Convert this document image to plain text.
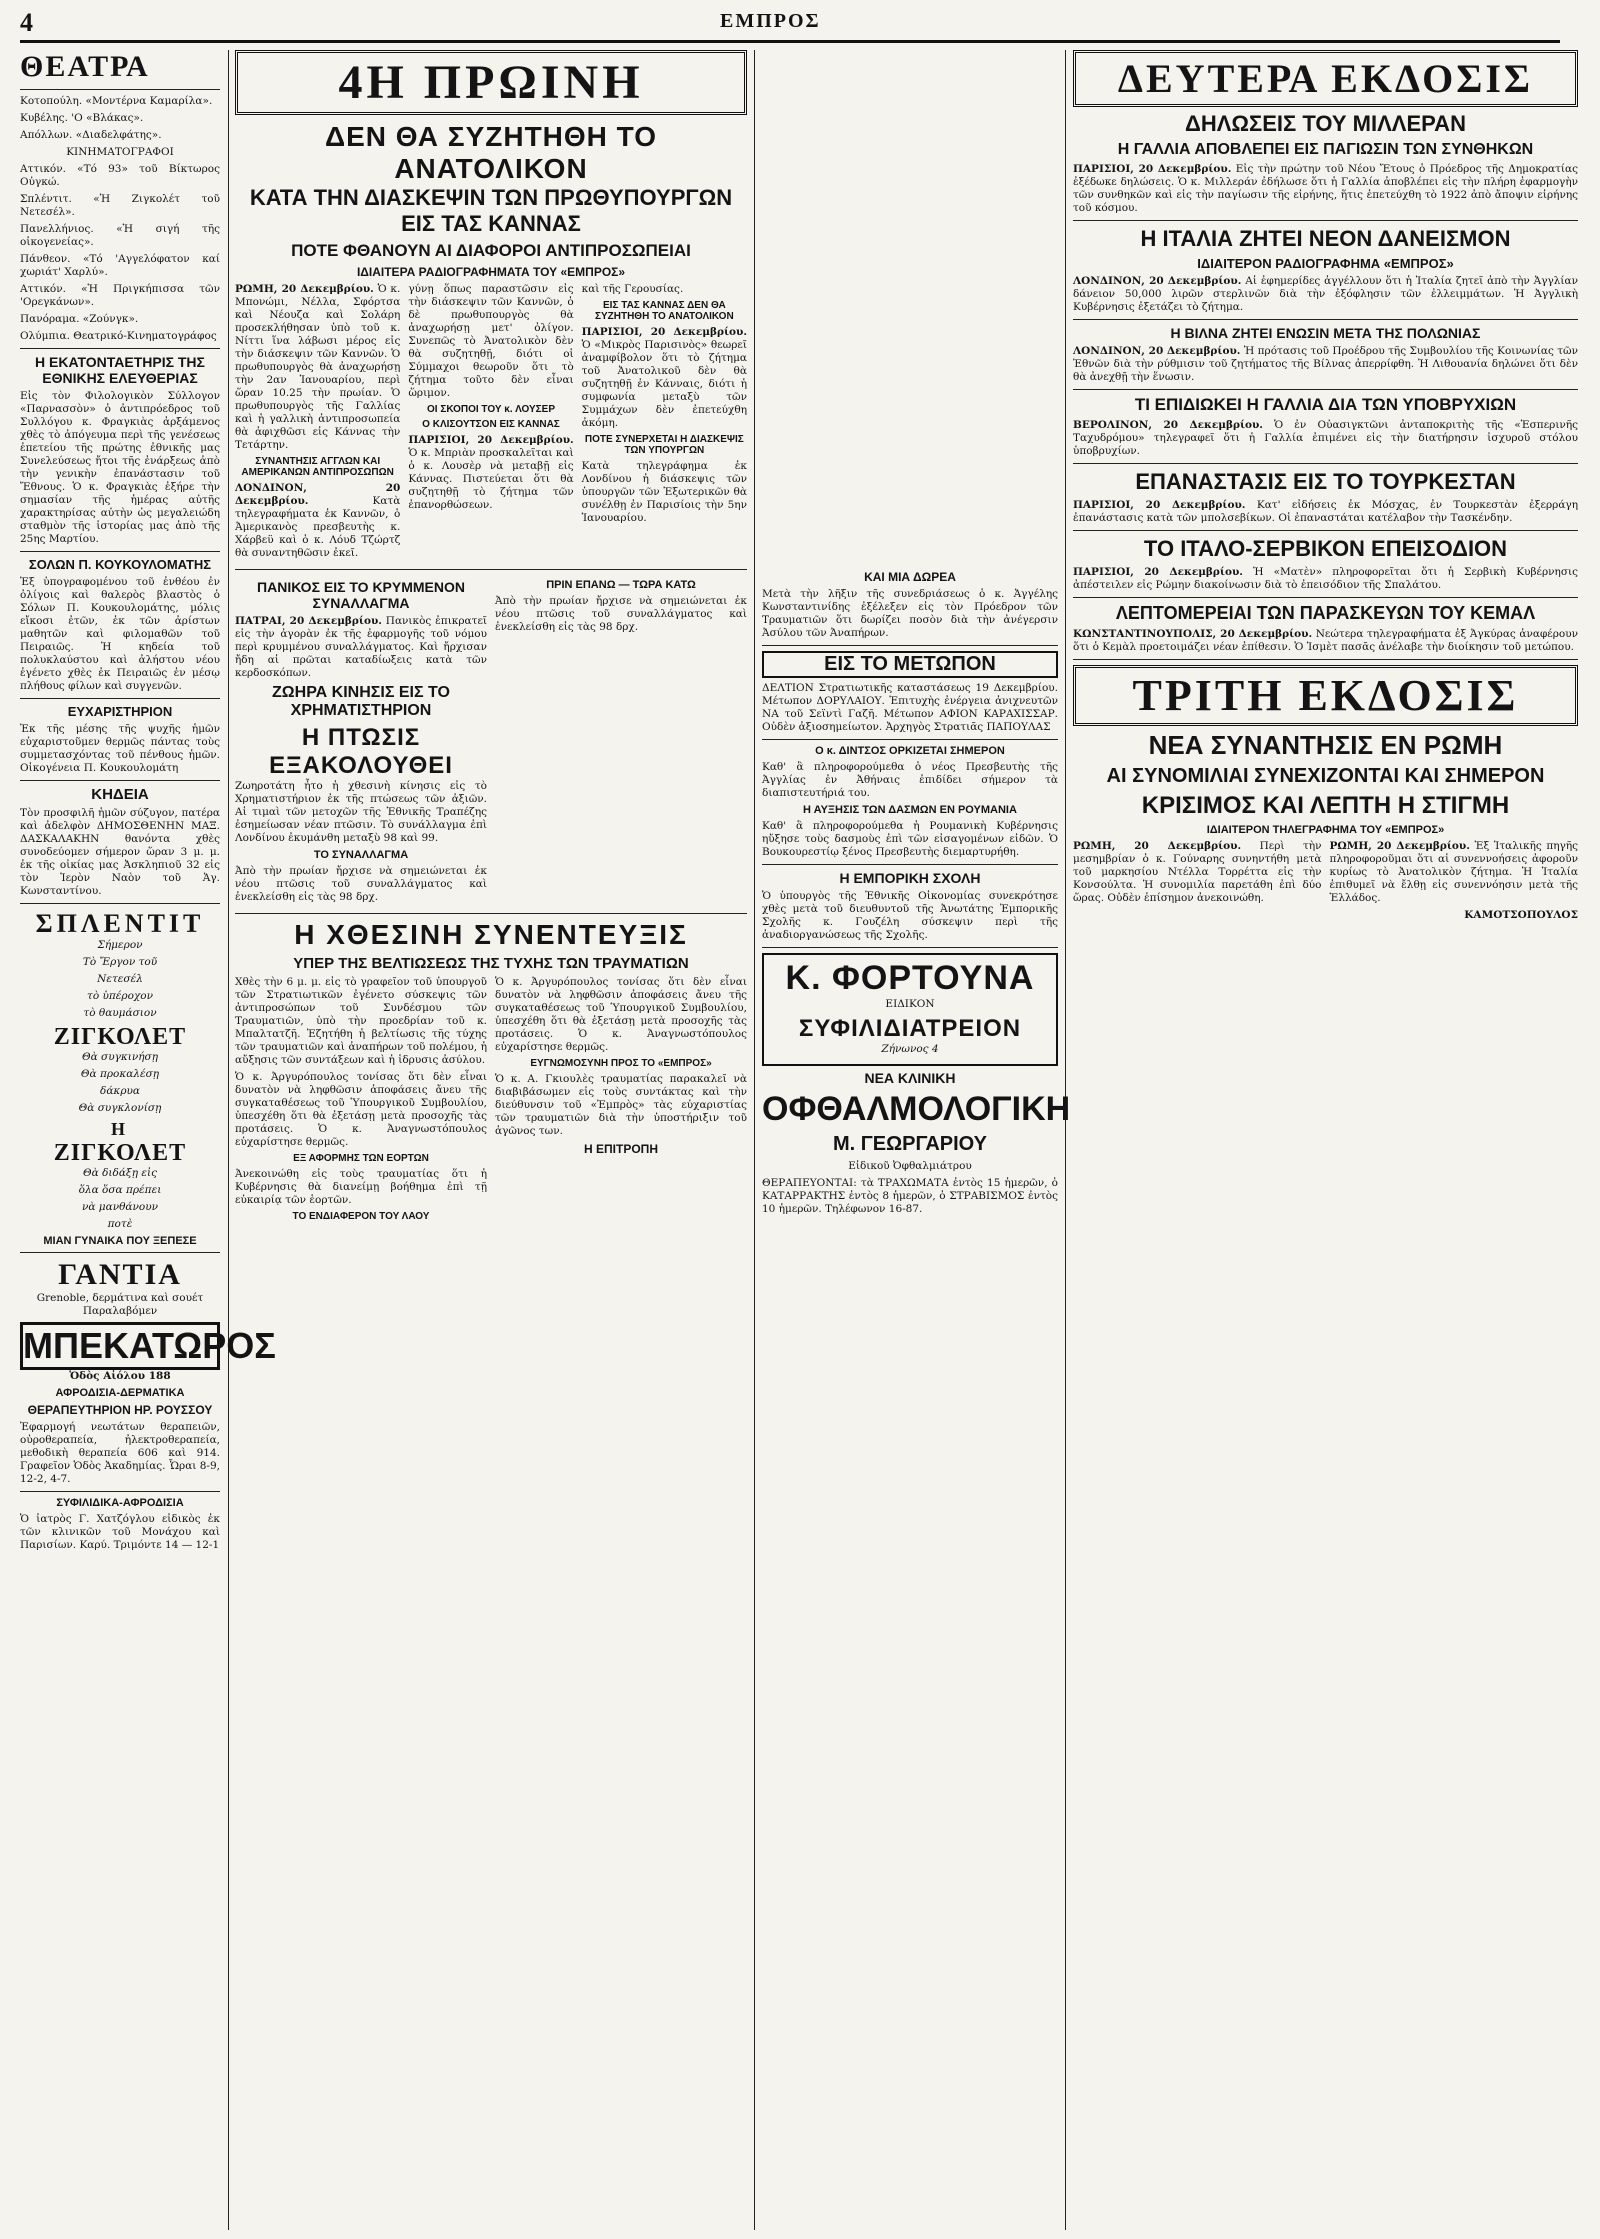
4	ΕΜΠΡΟΣ
ΘΕΑΤΡΑ
Κοτοπούλη. «Μοντέρνα Καμαρίλα».
Κυβέλης. 'Ο «Βλάκας».
Απόλλων. «Διαδελφάτης».
ΚΙΝΗΜΑΤΟΓΡΑΦΟΙ
Αττικόν. «Τό 93» τοῦ Βίκτωρος Οὐγκώ.
Σπλέντιτ. «Ἡ Ζιγκολέτ τοῦ Νετεσέλ».
Πανελλήνιος. «Ἡ σιγή τῆς οἰκογενείας».
Πάνθεον. «Τό 'Αγγελόφατον καί χωριάτ' Χαρλύ».
Αττικόν. «Ἡ Πριγκήπισσα τῶν 'Ορεγκάνων».
Πανόραμα. «Ζούνγκ».
Ολύμπια. Θεατρικό-Κινηματογράφος
Η ΕΚΑΤΟΝΤΑΕΤΗΡΙΣ ΤΗΣ ΕΘΝΙΚΗΣ ΕΛΕΥΘΕΡΙΑΣ
Εἰς τὸν Φιλολογικὸν Σύλλογον «Παρνασσὸν» ὁ ἀντιπρόεδρος τοῦ Συλλόγου κ. Φραγκιὰς ἀρξάμενος χθὲς τὸ ἀπόγευμα περὶ τῆς γενέσεως ἐπετείου τῆς πρώτης ἐθνικῆς μας Συνελεύσεως ἤτοι τῆς ἐνάρξεως ἀπὸ τὴν γενικὴν ἐπανάστασιν τοῦ Ἔθνους. Ὁ κ. Φραγκιὰς ἐξήρε τὴν σημασίαν τῆς ἡμέρας αὐτῆς χαρακτηρίσας αὐτὴν ὡς μεγαλειώδη σταθμὸν τῆς ἱστορίας μας ἀπὸ τῆς 25ης Μαρτίου.
ΣΟΛΩΝ Π. ΚΟΥΚΟΥΛΟΜΑΤΗΣ
Ἐξ ὑπογραφομένου τοῦ ἐνθέου ἐν ὀλίγοις καὶ θαλερὸς βλαστὸς ὁ Σόλων Π. Κουκουλομάτης, μόλις εἴκοσι ἐτῶν, ἐκ τῶν ἀρίστων μαθητῶν καὶ φιλομαθῶν τοῦ Πειραιῶς. Ἡ κηδεία τοῦ πολυκλαύστου καὶ ἀλήστου νέου ἐγένετο χθὲς ἐκ Πειραιῶς ἐν μέσῳ πλήθους φίλων καὶ συγγενῶν.
ΕΥΧΑΡΙΣΤΗΡΙΟΝ
Ἐκ τῆς μέσης τῆς ψυχῆς ἡμῶν εὐχαριστοῦμεν θερμῶς πάντας τοὺς συμμετασχόντας τοῦ πένθους ἡμῶν. Οἰκογένεια Π. Κουκουλομάτη
ΚΗΔΕΙΑ
Τὸν προσφιλῆ ἡμῶν σύζυγον, πατέρα καὶ ἀδελφὸν ΔΗΜΟΣΘΕΝΗΝ ΜΑΞ. ΔΑΣΚΑΛΑΚΗΝ θανόντα χθὲς συνοδεύομεν σήμερον ὥραν 3 μ. μ. ἐκ τῆς οἰκίας μας Ἀσκληπιοῦ 32 εἰς τὸν Ἱερὸν Ναὸν τοῦ Ἁγ. Κωνσταντίνου.
ΣΠΛΕΝΤΙΤ
Σήμερον
Τὸ Ἔργον τοῦ
Νετεσέλ
τὸ ὑπέροχον
τὸ θαυμάσιον
ΖΙΓΚΟΛΕΤ
Θὰ συγκινήσῃ
Θὰ προκαλέσῃ
δάκρυα
Θὰ συγκλονίσῃ
Η
ΖΙΓΚΟΛΕΤ
Θὰ διδάξῃ εἰς
ὅλα ὅσα πρέπει
νὰ μανθάνουν
ποτὲ
ΜΙΑΝ ΓΥΝΑΙΚΑ ΠΟΥ ΞΕΠΕΣΕ
ΓΑΝΤΙΑ
Grenoble, δερμάτινα καὶ σουέτ Παραλαβόμεν
ΜΠΕΚΑΤΩΡΟΣ
Ὁδὸς Αἰόλου 188
ΑΦΡΟΔΙΣΙΑ-ΔΕΡΜΑΤΙΚΑ
ΘΕΡΑΠΕΥΤΗΡΙΟΝ ΗΡ. ΡΟΥΣΣΟΥ
Ἐφαρμογή νεωτάτων θεραπειῶν, οὐροθεραπεία, ἠλεκτροθεραπεία, μεθοδικὴ θεραπεία 606 καὶ 914. Γραφεῖον Ὁδὸς Ἀκαδημίας. Ὧραι 8-9, 12-2, 4-7.
ΣΥΦΙΛΙΔΙΚΑ-ΑΦΡΟΔΙΣΙΑ
Ὁ ἰατρὸς Γ. Χατζόγλου εἰδικὸς ἐκ τῶν κλινικῶν τοῦ Μονάχου καὶ Παρισίων. Καρύ. Τριμόντε 14 — 12-1
4Η ΠΡΩΙΝΗ
ΔΕΝ ΘΑ ΣΥΖΗΤΗΘΗ ΤΟ ΑΝΑΤΟΛΙΚΟΝ
ΚΑΤΑ ΤΗΝ ΔΙΑΣΚΕΨΙΝ ΤΩΝ ΠΡΩΘΥΠΟΥΡΓΩΝ ΕΙΣ ΤΑΣ ΚΑΝΝΑΣ
ΠΟΤΕ ΦΘΑΝΟΥΝ ΑΙ ΔΙΑΦΟΡΟΙ ΑΝΤΙΠΡΟΣΩΠΕΙΑΙ
ΙΔΙΑΙΤΕΡΑ ΡΑΔΙΟΓΡΑΦΗΜΑΤΑ ΤΟΥ «ΕΜΠΡΟΣ»
ΡΩΜΗ, 20 Δεκεμβρίου. Ὁ κ. Μπονώμι, Νέλλα, Σφόρτσα καὶ Νέουζα καὶ Σολάρη προσεκλήθησαν ὑπὸ τοῦ κ. Νίττι ἵνα λάβωσι μέρος εἰς τὴν διάσκεψιν τῶν Καννῶν. Ὁ πρωθυπουργὸς θὰ ἀναχωρήσῃ τὴν 2αν Ἰανουαρίου, περὶ ὥραν 10.25 τὴν πρωίαν. Ὁ πρωθυπουργὸς τῆς Γαλλίας καὶ ἡ γαλλικὴ ἀντιπροσωπεία θὰ ἀφιχθῶσι εἰς Κάννας τὴν Τετάρτην.
ΣΥΝΑΝΤΗΣΙΣ ΑΓΓΛΩΝ ΚΑΙ ΑΜΕΡΙΚΑΝΩΝ ΑΝΤΙΠΡΟΣΩΠΩΝ
ΛΟΝΔΙΝΟΝ, 20 Δεκεμβρίου.	Κατὰ τηλεγραφήματα ἐκ Καννῶν, ὁ Ἀμερικανὸς πρεσβευτὴς κ. Χάρβεϋ καὶ ὁ κ. Λόυδ Τζώρτζ θὰ συναντηθῶσιν ἐκεῖ.
γύνῃ ὅπως παραστῶσιν εἰς τὴν διάσκεψιν τῶν Καννῶν, ὁ δὲ πρωθυπουργὸς θὰ ἀναχωρήσῃ μετ' ὀλίγον. Συνεπῶς τὸ Ἀνατολικὸν δὲν θὰ συζητηθῇ, διότι οἱ Σύμμαχοι θεωροῦν ὅτι τὸ ζήτημα τοῦτο δὲν εἶναι ὥριμον.
ΟΙ ΣΚΟΠΟΙ ΤΟΥ κ. ΛΟΥΣΕΡ
Ο ΚΛΙΣΟΥΤΣΟΝ ΕΙΣ ΚΑΝΝΑΣ
ΠΑΡΙΣΙΟΙ, 20 Δεκεμβρίου. Ὁ κ. Μπριὰν προσκαλεῖται καὶ ὁ κ. Λουσὲρ νὰ μεταβῇ εἰς Κάννας. Πιστεύεται ὅτι θὰ συζητηθῇ τὸ ζήτημα τῶν ἐπανορθώσεων.
καὶ τῆς Γερουσίας.
ΕΙΣ ΤΑΣ ΚΑΝΝΑΣ ΔΕΝ ΘΑ ΣΥΖΗΤΗΘΗ ΤΟ ΑΝΑΤΟΛΙΚΟΝ
ΠΑΡΙΣΙΟΙ, 20 Δεκεμβρίου. Ὁ «Μικρὸς Παρισινὸς» θεωρεῖ ἀναμφίβολον ὅτι τὸ ζήτημα τοῦ Ἀνατολικοῦ δὲν θὰ συζητηθῇ ἐν Κάνναις, διότι ἡ συμφωνία μεταξὺ τῶν Συμμάχων δὲν ἐπετεύχθη ἀκόμη.
ΠΟΤΕ ΣΥΝΕΡΧΕΤΑΙ Η ΔΙΑΣΚΕΨΙΣ ΤΩΝ ΥΠΟΥΡΓΩΝ
Κατὰ τηλεγράφημα ἐκ Λονδίνου ἡ διάσκεψις τῶν ὑπουργῶν τῶν Ἐξωτερικῶν θὰ συνέλθῃ ἐν Παρισίοις τὴν 5ην Ἰανουαρίου.
ΠΑΝΙΚΟΣ ΕΙΣ ΤΟ ΚΡΥΜΜΕΝΟΝ ΣΥΝΑΛΛΑΓΜΑ
ΠΑΤΡΑΙ, 20 Δεκεμβρίου. Πανικὸς ἐπικρατεῖ εἰς τὴν ἀγορὰν ἐκ τῆς ἐφαρμογῆς τοῦ νόμου περὶ κρυμμένου συναλλάγματος. Καὶ ἤρχισαν ἤδη αἱ πρῶται καταδίωξεις κατὰ τῶν κερδοσκόπων.
ΖΩΗΡΑ ΚΙΝΗΣΙΣ ΕΙΣ ΤΟ ΧΡΗΜΑΤΙΣΤΗΡΙΟΝ
Η ΠΤΩΣΙΣ ΕΞΑΚΟΛΟΥΘΕΙ
Ζωηροτάτη ἦτο ἡ χθεσινὴ κίνησις εἰς τὸ Χρηματιστήριον ἐκ τῆς πτώσεως τῶν ἀξιῶν. Αἱ τιμαὶ τῶν μετοχῶν τῆς Ἐθνικῆς Τραπέζης ἐσημείωσαν νέαν πτῶσιν. Τὸ συνάλλαγμα ἐπὶ Λονδίνου ἐκυμάνθη μεταξὺ 98 καὶ 99.
ΤΟ ΣΥΝΑΛΛΑΓΜΑ
Ἀπὸ τὴν πρωίαν ἤρχισε νὰ σημειώνεται ἐκ νέου πτῶσις τοῦ συναλλάγματος καὶ ἐνεκλείσθη εἰς τὰς 98 δρχ.
ΠΡΙΝ ΕΠΑΝΩ — ΤΩΡΑ ΚΑΤΩ
Ἀπὸ τὴν πρωίαν ἤρχισε νὰ σημειώνεται ἐκ νέου πτῶσις τοῦ συναλλάγματος καὶ ἐνεκλείσθη εἰς τὰς 98 δρχ.
Η ΧΘΕΣΙΝΗ ΣΥΝΕΝΤΕΥΞΙΣ
ΥΠΕΡ ΤΗΣ ΒΕΛΤΙΩΣΕΩΣ ΤΗΣ ΤΥΧΗΣ ΤΩΝ ΤΡΑΥΜΑΤΙΩΝ
Χθὲς τὴν 6 μ. μ. εἰς τὸ γραφεῖον τοῦ ὑπουργοῦ τῶν Στρατιωτικῶν ἐγένετο σύσκεψις τῶν ἀντιπροσώπων τοῦ Συνδέσμου τῶν Τραυματιῶν, ὑπὸ τὴν προεδρίαν τοῦ κ. Μπαλτατζῆ. Ἐζητήθη ἡ βελτίωσις τῆς τύχης τῶν τραυματιῶν καὶ ἀναπήρων τοῦ πολέμου, ἡ αὔξησις τῶν συντάξεων καὶ ἡ ἱδρυσις ἀσύλου.
Ὁ κ. Ἀργυρόπουλος τονίσας ὅτι δὲν εἶναι δυνατὸν νὰ ληφθῶσιν ἀποφάσεις ἄνευ τῆς συγκαταθέσεως τοῦ Ὑπουργικοῦ Συμβουλίου, ὑπεσχέθη ὅτι θὰ ἐξετάσῃ μετὰ προσοχῆς τὰς προτάσεις. Ὁ κ. Ἀναγνωστόπουλος εὐχαρίστησε θερμῶς.
ΕΞ ΑΦΟΡΜΗΣ ΤΩΝ ΕΟΡΤΩΝ
Ἀνεκοινώθη εἰς τοὺς τραυματίας ὅτι ἡ Κυβέρνησις θὰ διανείμῃ βοήθημα ἐπὶ τῇ εὐκαιρίᾳ τῶν ἑορτῶν.
ΤΟ ΕΝΔΙΑΦΕΡΟΝ ΤΟΥ ΛΑΟΥ
Ὁ κ. Ἀργυρόπουλος τονίσας ὅτι δὲν εἶναι δυνατὸν νὰ ληφθῶσιν ἀποφάσεις ἄνευ τῆς συγκαταθέσεως τοῦ Ὑπουργικοῦ Συμβουλίου, ὑπεσχέθη ὅτι θὰ ἐξετάσῃ μετὰ προσοχῆς τὰς προτάσεις. Ὁ κ. Ἀναγνωστόπουλος εὐχαρίστησε θερμῶς.
ΕΥΓΝΩΜΟΣΥΝΗ ΠΡΟΣ ΤΟ «ΕΜΠΡΟΣ»
Ὁ κ. Α. Γκιουλὲς τραυματίας παρακαλεῖ νὰ διαβιβάσωμεν εἰς τοὺς συντάκτας καὶ τὴν διεύθυνσιν τοῦ «Ἐμπρὸς» τὰς εὐχαριστίας τῶν τραυματιῶν διὰ τὴν ὑποστήριξιν τοῦ ἀγῶνος των.
Η ΕΠΙΤΡΟΠΗ
ΚΑΙ ΜΙΑ ΔΩΡΕΑ
Μετὰ τὴν λῆξιν τῆς συνεδριάσεως ὁ κ. Ἀγγέλης Κωνσταντινίδης ἐξέλεξεν εἰς τὸν Πρόεδρον τῶν Τραυματιῶν ὅτι δωρίζει ποσὸν διὰ τὴν ἀνέγερσιν Ἀσύλου τῶν Ἀναπήρων.
ΕΙΣ ΤΟ ΜΕΤΩΠΟΝ
ΔΕΛΤΙΟΝ Στρατιωτικῆς καταστάσεως 19 Δεκεμβρίου. Μέτωπον ΔΟΡΥΛΑΙΟΥ. Ἐπιτυχὴς ἐνέργεια ἀνιχνευτῶν ΝΑ τοῦ Σεϊντὶ Γαζῆ. Μέτωπον ΑΦΙΟΝ ΚΑΡΑΧΙΣΣΑΡ. Οὐδὲν ἀξιοσημείωτον. Ἀρχηγὸς Στρατιᾶς ΠΑΠΟΥΛΑΣ
Ο κ. ΔΙΝΤΣΟΣ ΟΡΚΙΖΕΤΑΙ ΣΗΜΕΡΟΝ
Καθ' ἃ πληροφορούμεθα ὁ νέος Πρεσβευτὴς τῆς Ἀγγλίας ἐν Ἀθήναις ἐπιδίδει σήμερον τὰ διαπιστευτήριά του.
Η ΑΥΞΗΣΙΣ ΤΩΝ ΔΑΣΜΩΝ ΕΝ ΡΟΥΜΑΝΙΑ
Καθ' ἃ πληροφορούμεθα ἡ Ρουμανικὴ Κυβέρνησις ηὔξησε τοὺς δασμοὺς ἐπὶ τῶν εἰσαγομένων εἰδῶν. Ὁ Βουκουρεστίῳ ξένος Πρεσβευτὴς διεμαρτυρήθη.
Η ΕΜΠΟΡΙΚΗ ΣΧΟΛΗ
Ὁ ὑπουργὸς τῆς Ἐθνικῆς Οἰκονομίας συνεκρότησε χθὲς μετὰ τοῦ διευθυντοῦ τῆς Ἀνωτάτης Ἐμπορικῆς Σχολῆς κ. Γουζέλη σύσκεψιν περὶ τῆς ἀναδιοργανώσεως τῆς Σχολῆς.
Κ. ΦΟΡΤΟΥΝΑ
ΕΙΔΙΚΟΝ
ΣΥΦΙΛΙΔΙΑΤΡΕΙΟΝ
Ζήνωνος 4
ΝΕΑ ΚΛΙΝΙΚΗ
ΟΦΘΑΛΜΟΛΟΓΙΚΗ
Μ. ΓΕΩΡΓΑΡΙΟΥ
Εἰδικοῦ Ὀφθαλμιάτρου
ΘΕΡΑΠΕΥΟΝΤΑΙ: τὰ ΤΡΑΧΩΜΑΤΑ ἐντὸς 15 ἡμερῶν, ὁ ΚΑΤΑΡΡΑΚΤΗΣ ἐντὸς 8 ἡμερῶν, ὁ ΣΤΡΑΒΙΣΜΟΣ ἐντὸς 10 ἡμερῶν. Τηλέφωνον 16-87.
ΔΕΥΤΕΡΑ ΕΚΔΟΣΙΣ
ΔΗΛΩΣΕΙΣ ΤΟΥ ΜΙΛΛΕΡΑΝ
Η ΓΑΛΛΙΑ ΑΠΟΒΛΕΠΕΙ ΕΙΣ ΠΑΓΙΩΣΙΝ ΤΩΝ ΣΥΝΘΗΚΩΝ
ΠΑΡΙΣΙΟΙ, 20 Δεκεμβρίου. Εἰς τὴν πρώτην τοῦ Νέου Ἔτους ὁ Πρόεδρος τῆς Δημοκρατίας ἐξέδωκε δηλώσεις. Ὁ κ. Μιλλεράν ἐδήλωσε ὅτι ἡ Γαλλία ἀποβλέπει εἰς τὴν πλήρη ἐφαρμογὴν τῶν συνθηκῶν καὶ εἰς τὴν παγίωσιν τῆς εἰρήνης, ἥτις ἐπετεύχθη τὸ 1922 ἀπὸ ἄποψιν εἰρήνης τοῦ κόσμου.
Η ΙΤΑΛΙΑ ΖΗΤΕΙ ΝΕΟΝ ΔΑΝΕΙΣΜΟΝ
ΙΔΙΑΙΤΕΡΟΝ ΡΑΔΙΟΓΡΑΦΗΜΑ «ΕΜΠΡΟΣ»
ΛΟΝΔΙΝΟΝ, 20 Δεκεμβρίου. Αἱ ἐφημερίδες ἀγγέλλουν ὅτι ἡ Ἰταλία ζητεῖ ἀπὸ τὴν Ἀγγλίαν δάνειον 50,000 λιρῶν στερλινῶν διὰ τὴν ἐξόφλησιν τῶν ἐλλειμμάτων. Ἡ Ἀγγλικὴ Κυβέρνησις ἐξετάζει τὸ ζήτημα.
Η ΒΙΛΝΑ ΖΗΤΕΙ ΕΝΩΣΙΝ ΜΕΤΑ ΤΗΣ ΠΟΛΩΝΙΑΣ
ΛΟΝΔΙΝΟΝ, 20 Δεκεμβρίου. Ἡ πρότασις τοῦ Προέδρου τῆς Συμβουλίου τῆς Κοινωνίας τῶν Ἐθνῶν διὰ τὴν ρύθμισιν τοῦ ζητήματος τῆς Βίλνας ἀπερρίφθη. Ἡ Λιθουανία δηλώνει ὅτι δὲν θὰ ἀνεχθῇ τὴν ἕνωσιν.
ΤΙ ΕΠΙΔΙΩΚΕΙ Η ΓΑΛΛΙΑ ΔΙΑ ΤΩΝ ΥΠΟΒΡΥΧΙΩΝ
ΒΕΡΟΛΙΝΟΝ, 20 Δεκεμβρίου. Ὁ ἐν Οὐασιγκτῶνι ἀνταποκριτὴς τῆς «Ἑσπερινῆς Ταχυδρόμου» τηλεγραφεῖ ὅτι ἡ Γαλλία ἐπιμένει εἰς τὴν διατήρησιν ἰσχυροῦ στόλου ὑποβρυχίων.
ΕΠΑΝΑΣΤΑΣΙΣ ΕΙΣ ΤΟ ΤΟΥΡΚΕΣΤΑΝ
ΠΑΡΙΣΙΟΙ, 20 Δεκεμβρίου. Κατ' εἰδήσεις ἐκ Μόσχας, ἐν Τουρκεστὰν ἐξερράγη ἐπανάστασις κατὰ τῶν μπολσεβίκων. Οἱ ἐπαναστάται κατέλαβον τὴν Τασκένδην.
ΤΟ ΙΤΑΛΟ-ΣΕΡΒΙΚΟΝ ΕΠΕΙΣΟΔΙΟΝ
ΠΑΡΙΣΙΟΙ, 20 Δεκεμβρίου. Ἡ «Ματὲν» πληροφορεῖται ὅτι ἡ Σερβικὴ Κυβέρνησις ἀπέστειλεν εἰς Ρώμην διακοίνωσιν διὰ τὸ ἐπεισόδιον τῆς Σπαλάτου.
ΛΕΠΤΟΜΕΡΕΙΑΙ ΤΩΝ ΠΑΡΑΣΚΕΥΩΝ ΤΟΥ ΚΕΜΑΛ
ΚΩΝΣΤΑΝΤΙΝΟΥΠΟΛΙΣ, 20 Δεκεμβρίου. Νεώτερα τηλεγραφήματα ἐξ Ἀγκύρας ἀναφέρουν ὅτι ὁ Κεμὰλ προετοιμάζει νέαν ἐπίθεσιν. Ὁ Ἰσμὲτ πασᾶς ἀνέλαβε τὴν διοίκησιν τοῦ μετώπου.
ΤΡΙΤΗ ΕΚΔΟΣΙΣ
ΝΕΑ ΣΥΝΑΝΤΗΣΙΣ ΕΝ ΡΩΜΗ
ΑΙ ΣΥΝΟΜΙΛΙΑΙ ΣΥΝΕΧΙΖΟΝΤΑΙ ΚΑΙ ΣΗΜΕΡΟΝ
ΚΡΙΣΙΜΟΣ ΚΑΙ ΛΕΠΤΗ Η ΣΤΙΓΜΗ
ΙΔΙΑΙΤΕΡΟΝ ΤΗΛΕΓΡΑΦΗΜΑ ΤΟΥ «ΕΜΠΡΟΣ»
ΡΩΜΗ, 20 Δεκεμβρίου. Περὶ τὴν μεσημβρίαν ὁ κ. Γούναρης συνηντήθη μετὰ τοῦ μαρκησίου Ντέλλα Τορρέττα εἰς τὴν Κονσούλτα. Ἡ συνομιλία παρετάθη ἐπὶ δύο ὥρας. Οὐδὲν ἐπίσημον ἀνεκοινώθη.
ΡΩΜΗ, 20 Δεκεμβρίου. Ἐξ Ἰταλικῆς πηγῆς πληροφοροῦμαι ὅτι αἱ συνεννοήσεις ἀφοροῦν κυρίως τὸ Ἀνατολικὸν ζήτημα. Ἡ Ἰταλία ἐπιθυμεῖ νὰ ἔλθῃ εἰς συνεννόησιν μετὰ τῆς Ἑλλάδος.
ΚΑΜΟΤΣΟΠΟΥΛΟΣ
